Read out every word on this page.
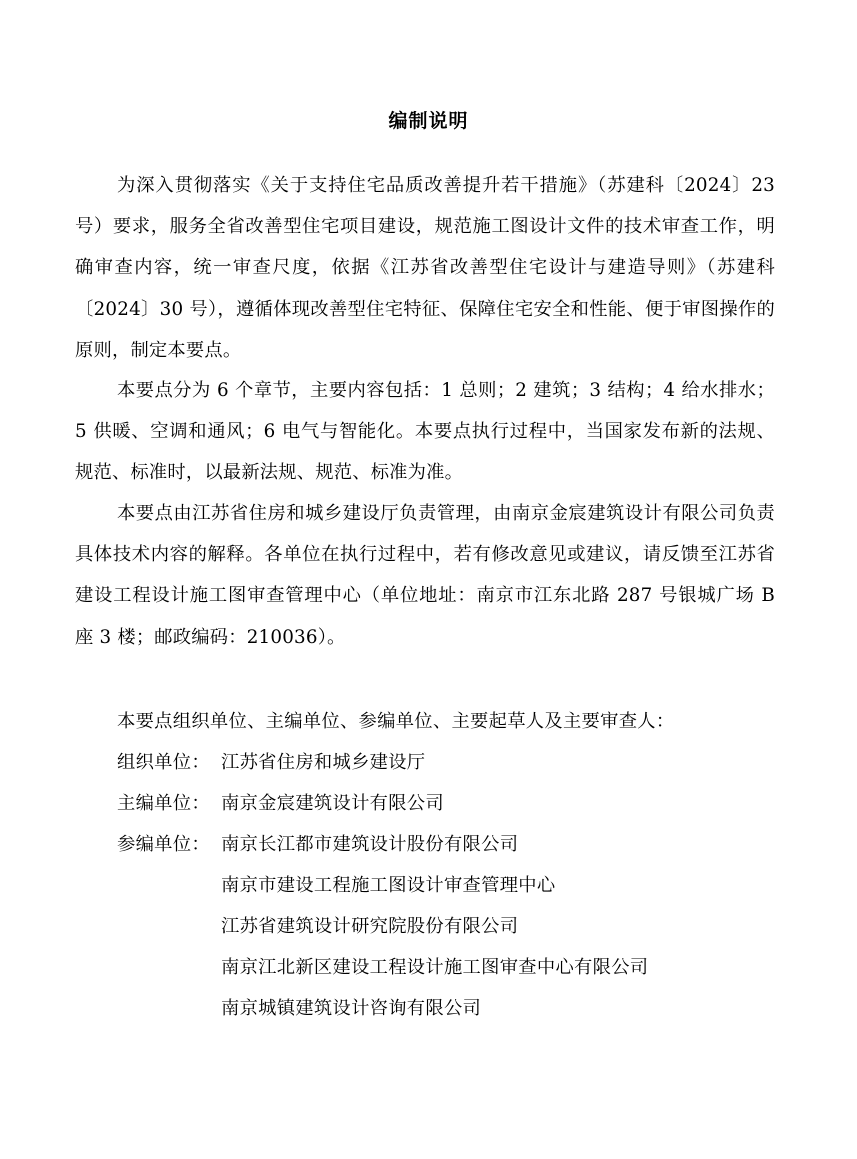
编制说明
为深入贯彻落实《关于支持住宅品质改善提升若干措施》（苏建科〔2024〕23 号）要求，服务全省改善型住宅项目建设，规范施工图设计文件的技术审查工作，明确审查内容，统一审查尺度，依据《江苏省改善型住宅设计与建造导则》（苏建科〔2024〕30 号），遵循体现改善型住宅特征、保障住宅安全和性能、便于审图操作的原则，制定本要点。
本要点分为 6 个章节，主要内容包括：1 总则；2 建筑；3 结构；4 给水排水；5 供暖、空调和通风；6 电气与智能化。本要点执行过程中，当国家发布新的法规、规范、标准时，以最新法规、规范、标准为准。
本要点由江苏省住房和城乡建设厅负责管理，由南京金宸建筑设计有限公司负责具体技术内容的解释。各单位在执行过程中，若有修改意见或建议，请反馈至江苏省建设工程设计施工图审查管理中心（单位地址：南京市江东北路 287 号银城广场 B 座 3 楼；邮政编码：210036）。
本要点组织单位、主编单位、参编单位、主要起草人及主要审查人：
组织单位： 江苏省住房和城乡建设厅
主编单位： 南京金宸建筑设计有限公司
参编单位： 南京长江都市建筑设计股份有限公司
南京市建设工程施工图设计审查管理中心
江苏省建筑设计研究院股份有限公司
南京江北新区建设工程设计施工图审查中心有限公司
南京城镇建筑设计咨询有限公司
